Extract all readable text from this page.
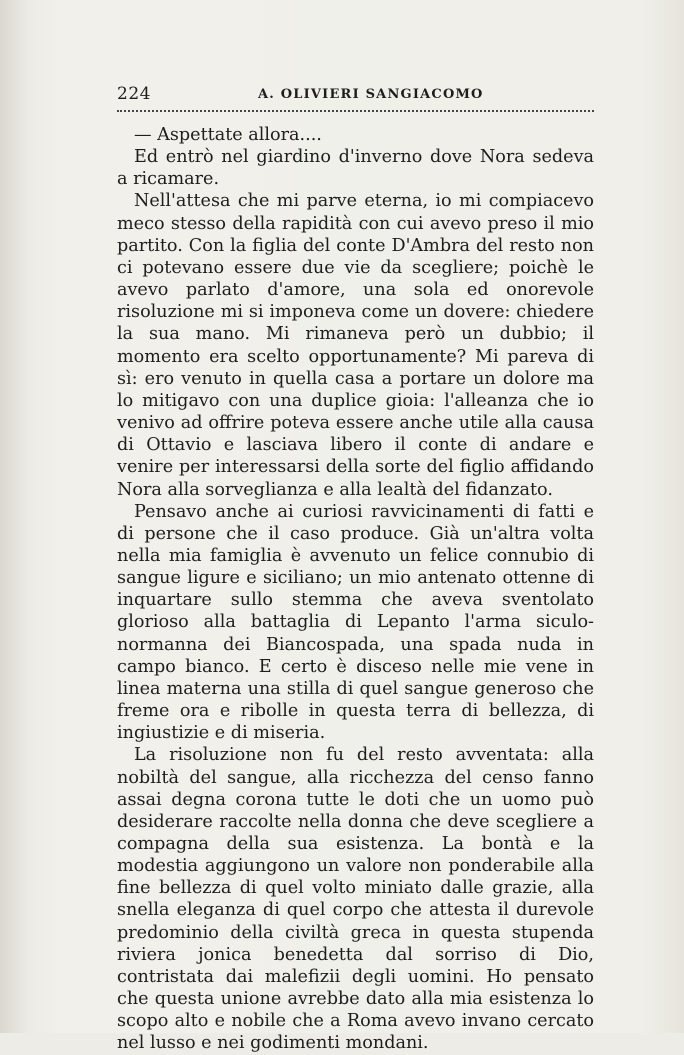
224	A. OLIVIERI SANGIACOMO

— Aspettate allora....

Ed entrò nel giardino d'inverno dove Nora sedeva a ricamare.

Nell'attesa che mi parve eterna, io mi compiacevo meco stesso della rapidità con cui avevo preso il mio partito. Con la figlia del conte D'Ambra del resto non ci potevano essere due vie da scegliere; poichè le avevo parlato d'amore, una sola ed onorevole risoluzione mi si imponeva come un dovere: chiedere la sua mano. Mi rimaneva però un dubbio; il momento era scelto opportunamente? Mi pareva di sì: ero venuto in quella casa a portare un dolore ma lo mitigavo con una duplice gioia: l'alleanza che io venivo ad offrire poteva essere anche utile alla causa di Ottavio e lasciava libero il conte di andare e venire per interessarsi della sorte del figlio affidando Nora alla sorveglianza e alla lealtà del fidanzato.

Pensavo anche ai curiosi ravvicinamenti di fatti e di persone che il caso produce. Già un'altra volta nella mia famiglia è avvenuto un felice connubio di sangue ligure e siciliano; un mio antenato ottenne di inquartare sullo stemma che aveva sventolato glorioso alla battaglia di Lepanto l'arma siculo-normanna dei Biancospada, una spada nuda in campo bianco. E certo è disceso nelle mie vene in linea materna una stilla di quel sangue generoso che freme ora e ribolle in questa terra di bellezza, di ingiustizie e di miseria.

La risoluzione non fu del resto avventata: alla nobiltà del sangue, alla ricchezza del censo fanno assai degna corona tutte le doti che un uomo può desiderare raccolte nella donna che deve scegliere a compagna della sua esistenza. La bontà e la modestia aggiungono un valore non ponderabile alla fine bellezza di quel volto miniato dalle grazie, alla snella eleganza di quel corpo che attesta il durevole predominio della civiltà greca in questa stupenda riviera jonica benedetta dal sorriso di Dio, contristata dai malefizii degli uomini. Ho pensato che questa unione avrebbe dato alla mia esistenza lo scopo alto e nobile che a Roma avevo invano cercato nel lusso e nei godimenti mondani.
